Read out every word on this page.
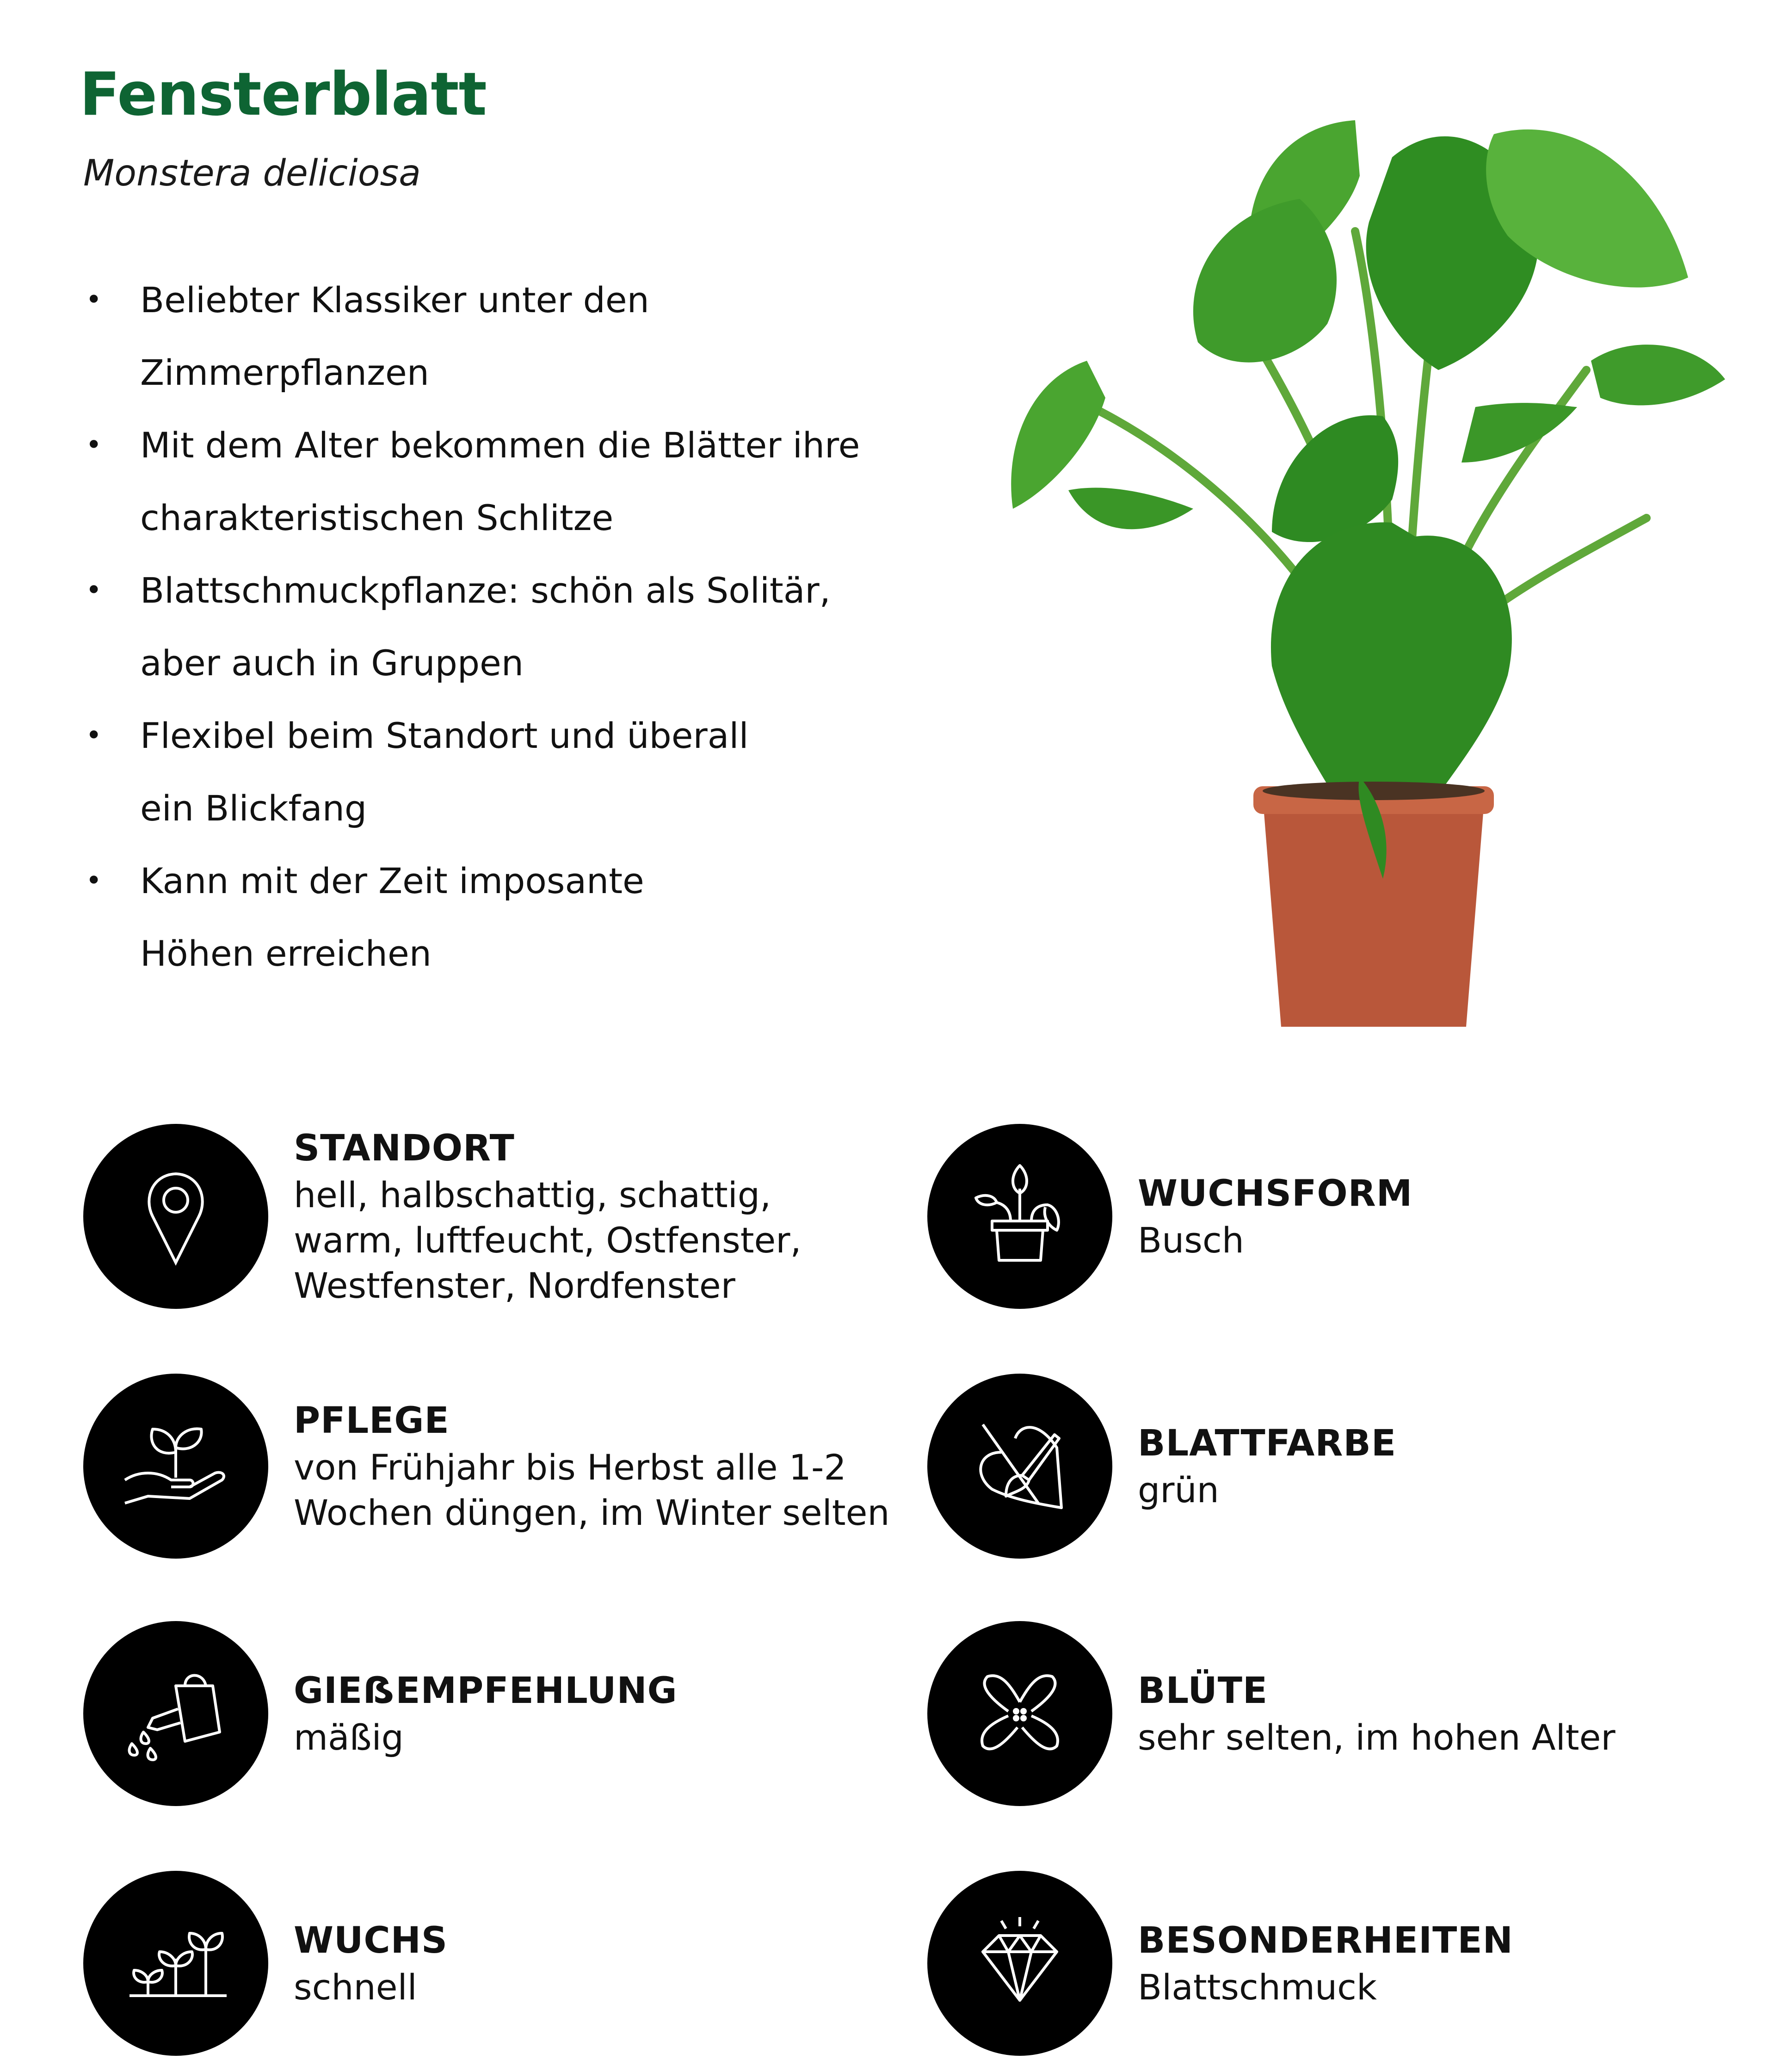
Fensterblatt

Monstera deliciosa

• Beliebter Klassiker unter den
Zimmerpflanzen
• Mit dem Alter bekommen die Blätter ihre
charakteristischen Schlitze
• Blattschmuckpflanze: schön als Solitär,
aber auch in Gruppen
• Flexibel beim Standort und überall
ein Blickfang
• Kann mit der Zeit imposante
Höhen erreichen
STANDORT
hell, halbschattig, schattig,
warm, luftfeucht, Ostfenster,
Westfenster, Nordfenster
PFLEGE
von Frühjahr bis Herbst alle 1-2
Wochen düngen, im Winter selten
GIEẞEMPFEHLUNG
mäßig
WUCHS
schnell
WUCHSFORM
Busch
BLATTFARBE
grün
BLÜTE
sehr selten, im hohen Alter
BESONDERHEITEN
Blattschmuck
